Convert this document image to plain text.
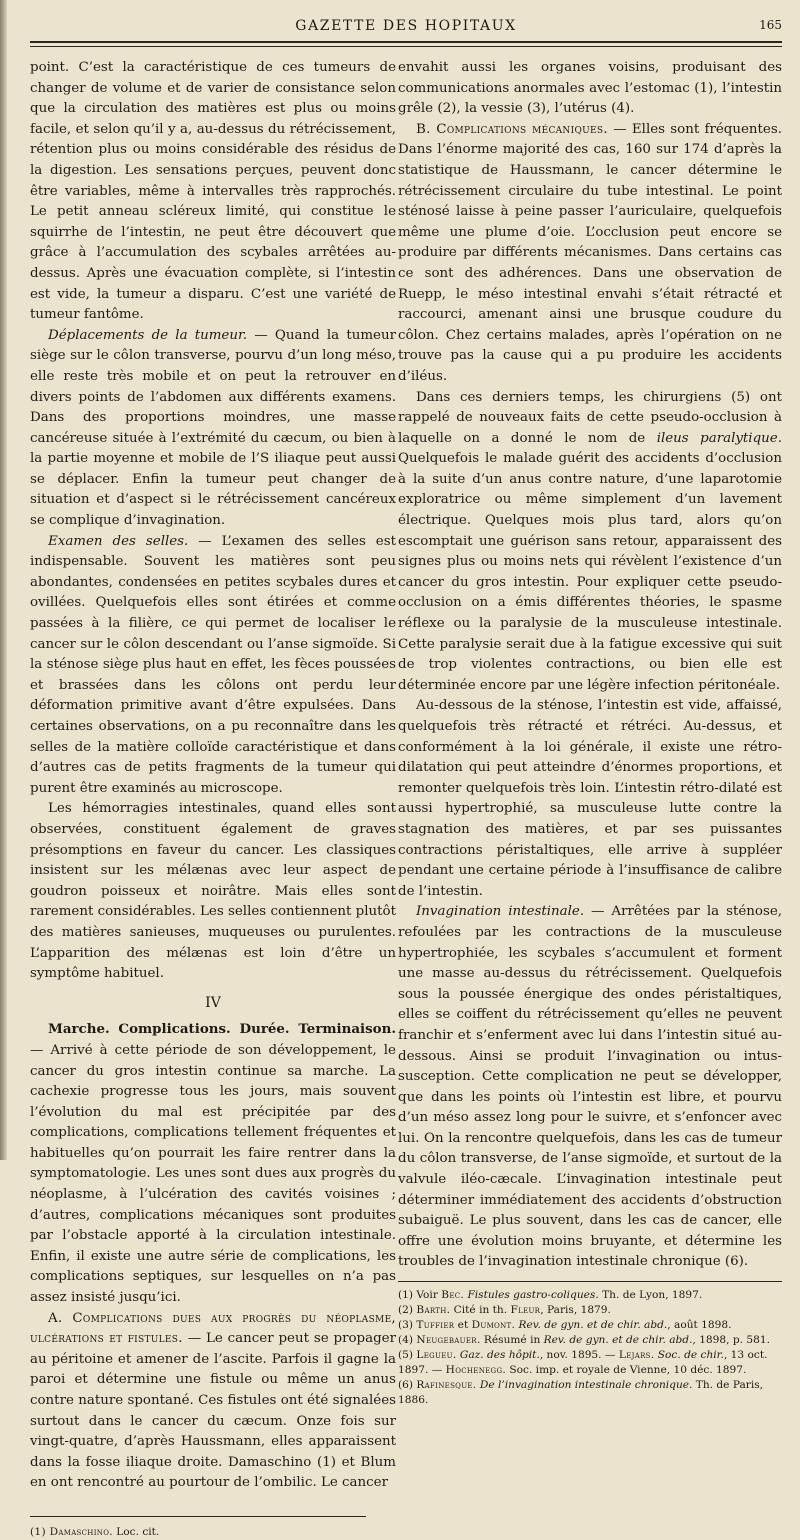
GAZETTE DES HOPITAUX	165

point. C’est la caractéristique de ces tumeurs de changer de volume et de varier de consistance selon que la circulation des matières est plus ou moins facile, et selon qu’il y a, au-dessus du rétrécissement, rétention plus ou moins considérable des résidus de la digestion. Les sensations perçues, peuvent donc être variables, même à intervalles très rapprochés. Le petit anneau scléreux limité, qui constitue le squirrhe de l’intestin, ne peut être découvert que grâce à l’accumulation des scybales arrêtées au-dessus. Après une évacuation complète, si l’intestin est vide, la tumeur a disparu. C’est une variété de tumeur fantôme.

Déplacements de la tumeur. — Quand la tumeur siège sur le côlon transverse, pourvu d’un long méso, elle reste très mobile et on peut la retrouver en divers points de l’abdomen aux différents examens. Dans des proportions moindres, une masse cancéreuse située à l’extrémité du cæcum, ou bien à la partie moyenne et mobile de l’S iliaque peut aussi se déplacer. Enfin la tumeur peut changer de situation et d’aspect si le rétrécissement cancéreux se complique d’invagination.

Examen des selles. — L’examen des selles est indispensable. Souvent les matières sont peu abondantes, condensées en petites scybales dures et ovillées. Quelquefois elles sont étirées et comme passées à la filière, ce qui permet de localiser le cancer sur le côlon descendant ou l’anse sigmoïde. Si la sténose siège plus haut en effet, les fèces poussées et brassées dans les côlons ont perdu leur déformation primitive avant d’être expulsées. Dans certaines observations, on a pu reconnaître dans les selles de la matière colloïde caractéristique et dans d’autres cas de petits fragments de la tumeur qui purent être examinés au microscope.

Les hémorragies intestinales, quand elles sont observées, constituent également de graves présomptions en faveur du cancer. Les classiques insistent sur les mélænas avec leur aspect de goudron poisseux et noirâtre. Mais elles sont rarement considérables. Les selles contiennent plutôt des matières sanieuses, muqueuses ou purulentes. L’apparition des mélænas est loin d’être un symptôme habituel.

IV

Marche. Complications. Durée. Terminaison. — Arrivé à cette période de son développement, le cancer du gros intestin continue sa marche. La cachexie progresse tous les jours, mais souvent l’évolution du mal est précipitée par des complications, complications tellement fréquentes et habituelles qu’on pourrait les faire rentrer dans la symptomatologie. Les unes sont dues aux progrès du néoplasme, à l’ulcération des cavités voisines ; d’autres, complications mécaniques sont produites par l’obstacle apporté à la circulation intestinale. Enfin, il existe une autre série de complications, les complications septiques, sur lesquelles on n’a pas assez insisté jusqu’ici.

A. Complications dues aux progrès du néoplasme, ulcérations et fistules. — Le cancer peut se propager au péritoine et amener de l’ascite. Parfois il gagne la paroi et détermine une fistule ou même un anus contre nature spontané. Ces fistules ont été signalées surtout dans le cancer du cæcum. Onze fois sur vingt-quatre, d’après Haussmann, elles apparaissent dans la fosse iliaque droite. Damaschino (1) et Blum en ont rencontré au pourtour de l’ombilic. Le cancer

(1) Damaschino. Loc. cit.

envahit aussi les organes voisins, produisant des communications anormales avec l’estomac (1), l’intestin grêle (2), la vessie (3), l’utérus (4).

B. Complications mécaniques. — Elles sont fréquentes. Dans l’énorme majorité des cas, 160 sur 174 d’après la statistique de Haussmann, le cancer détermine le rétrécissement circulaire du tube intestinal. Le point sténosé laisse à peine passer l’auriculaire, quelquefois même une plume d’oie. L’occlusion peut encore se produire par différents mécanismes. Dans certains cas ce sont des adhérences. Dans une observation de Ruepp, le méso intestinal envahi s’était rétracté et raccourci, amenant ainsi une brusque coudure du côlon. Chez certains malades, après l’opération on ne trouve pas la cause qui a pu produire les accidents d’iléus.

Dans ces derniers temps, les chirurgiens (5) ont rappelé de nouveaux faits de cette pseudo-occlusion à laquelle on a donné le nom de ileus paralytique. Quelquefois le malade guérit des accidents d’occlusion à la suite d’un anus contre nature, d’une laparotomie exploratrice ou même simplement d’un lavement électrique. Quelques mois plus tard, alors qu’on escomptait une guérison sans retour, apparaissent des signes plus ou moins nets qui révèlent l’existence d’un cancer du gros intestin. Pour expliquer cette pseudo-occlusion on a émis différentes théories, le spasme réflexe ou la paralysie de la musculeuse intestinale. Cette paralysie serait due à la fatigue excessive qui suit de trop violentes contractions, ou bien elle est déterminée encore par une légère infection péritonéale.

Au-dessous de la sténose, l’intestin est vide, affaissé, quelquefois très rétracté et rétréci. Au-dessus, et conformément à la loi générale, il existe une rétro-dilatation qui peut atteindre d’énormes proportions, et remonter quelquefois très loin. L’intestin rétro-dilaté est aussi hypertrophié, sa musculeuse lutte contre la stagnation des matières, et par ses puissantes contractions péristaltiques, elle arrive à suppléer pendant une certaine période à l’insuffisance de calibre de l’intestin.

Invagination intestinale. — Arrêtées par la sténose, refoulées par les contractions de la musculeuse hypertrophiée, les scybales s’accumulent et forment une masse au-dessus du rétrécissement. Quelquefois sous la poussée énergique des ondes péristaltiques, elles se coiffent du rétrécissement qu’elles ne peuvent franchir et s’enferment avec lui dans l’intestin situé au-dessous. Ainsi se produit l’invagination ou intus-susception. Cette complication ne peut se développer, que dans les points où l’intestin est libre, et pourvu d’un méso assez long pour le suivre, et s’enfoncer avec lui. On la rencontre quelquefois, dans les cas de tumeur du côlon transverse, de l’anse sigmoïde, et surtout de la valvule iléo-cæcale. L’invagination intestinale peut déterminer immédiatement des accidents d’obstruction subaiguë. Le plus souvent, dans les cas de cancer, elle offre une évolution moins bruyante, et détermine les troubles de l’invagination intestinale chronique (6).

(1) Voir Bec. Fistules gastro-coliques. Th. de Lyon, 1897.

(2) Barth. Cité in th. Fleur, Paris, 1879.

(3) Tuffier et Dumont. Rev. de gyn. et de chir. abd., août 1898.

(4) Neugebauer. Résumé in Rev. de gyn. et de chir. abd., 1898, p. 581.

(5) Legueu. Gaz. des hôpit., nov. 1895. — Lejars. Soc. de chir., 13 oct. 1897. — Hochenegg. Soc. imp. et royale de Vienne, 10 déc. 1897.

(6) Rafinesque. De l’invagination intestinale chronique. Th. de Paris, 1886.
